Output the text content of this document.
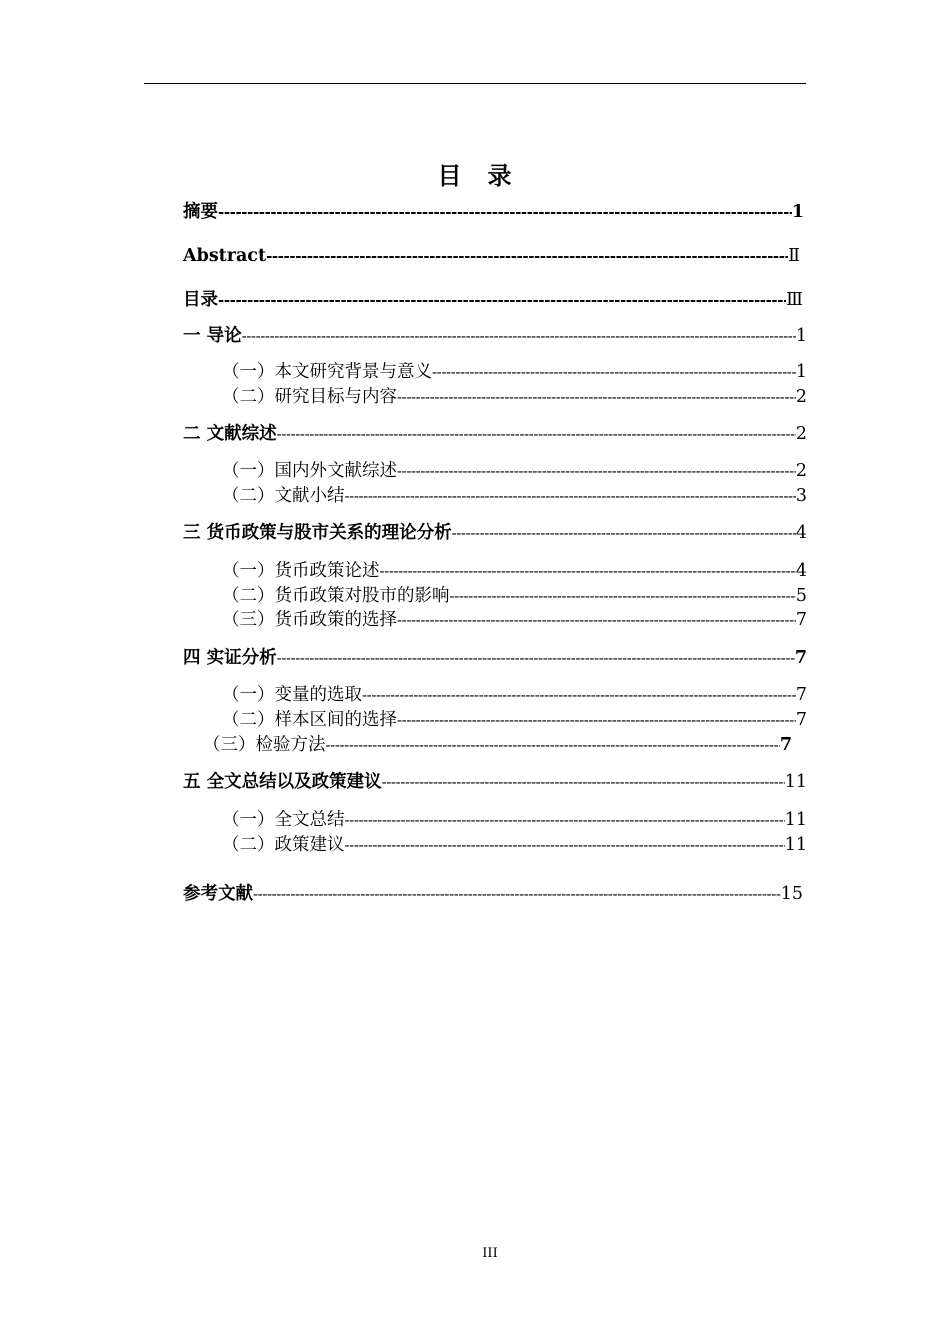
目　录
摘要 -----	1
Abstract -----	Ⅱ
目录 -----	Ⅲ
一 导论 -----	1
（一）本文研究背景与意义 -----	1
（二）研究目标与内容 -----	2
二 文献综述 -----	2
（一）国内外文献综述 -----	2
（二）文献小结 -----	3
三 货币政策与股市关系的理论分析 -----	4
（一）货币政策论述 -----	4
（二）货币政策对股市的影响 -----	5
（三）货币政策的选择 -----	7
四 实证分析 -----	7
（一）变量的选取 -----	7
（二）样本区间的选择 -----	7
（三）检验方法 -----	7
五 全文总结以及政策建议 -----	11
（一）全文总结 -----	11
（二）政策建议 -----	11
参考文献 -----	15
III
